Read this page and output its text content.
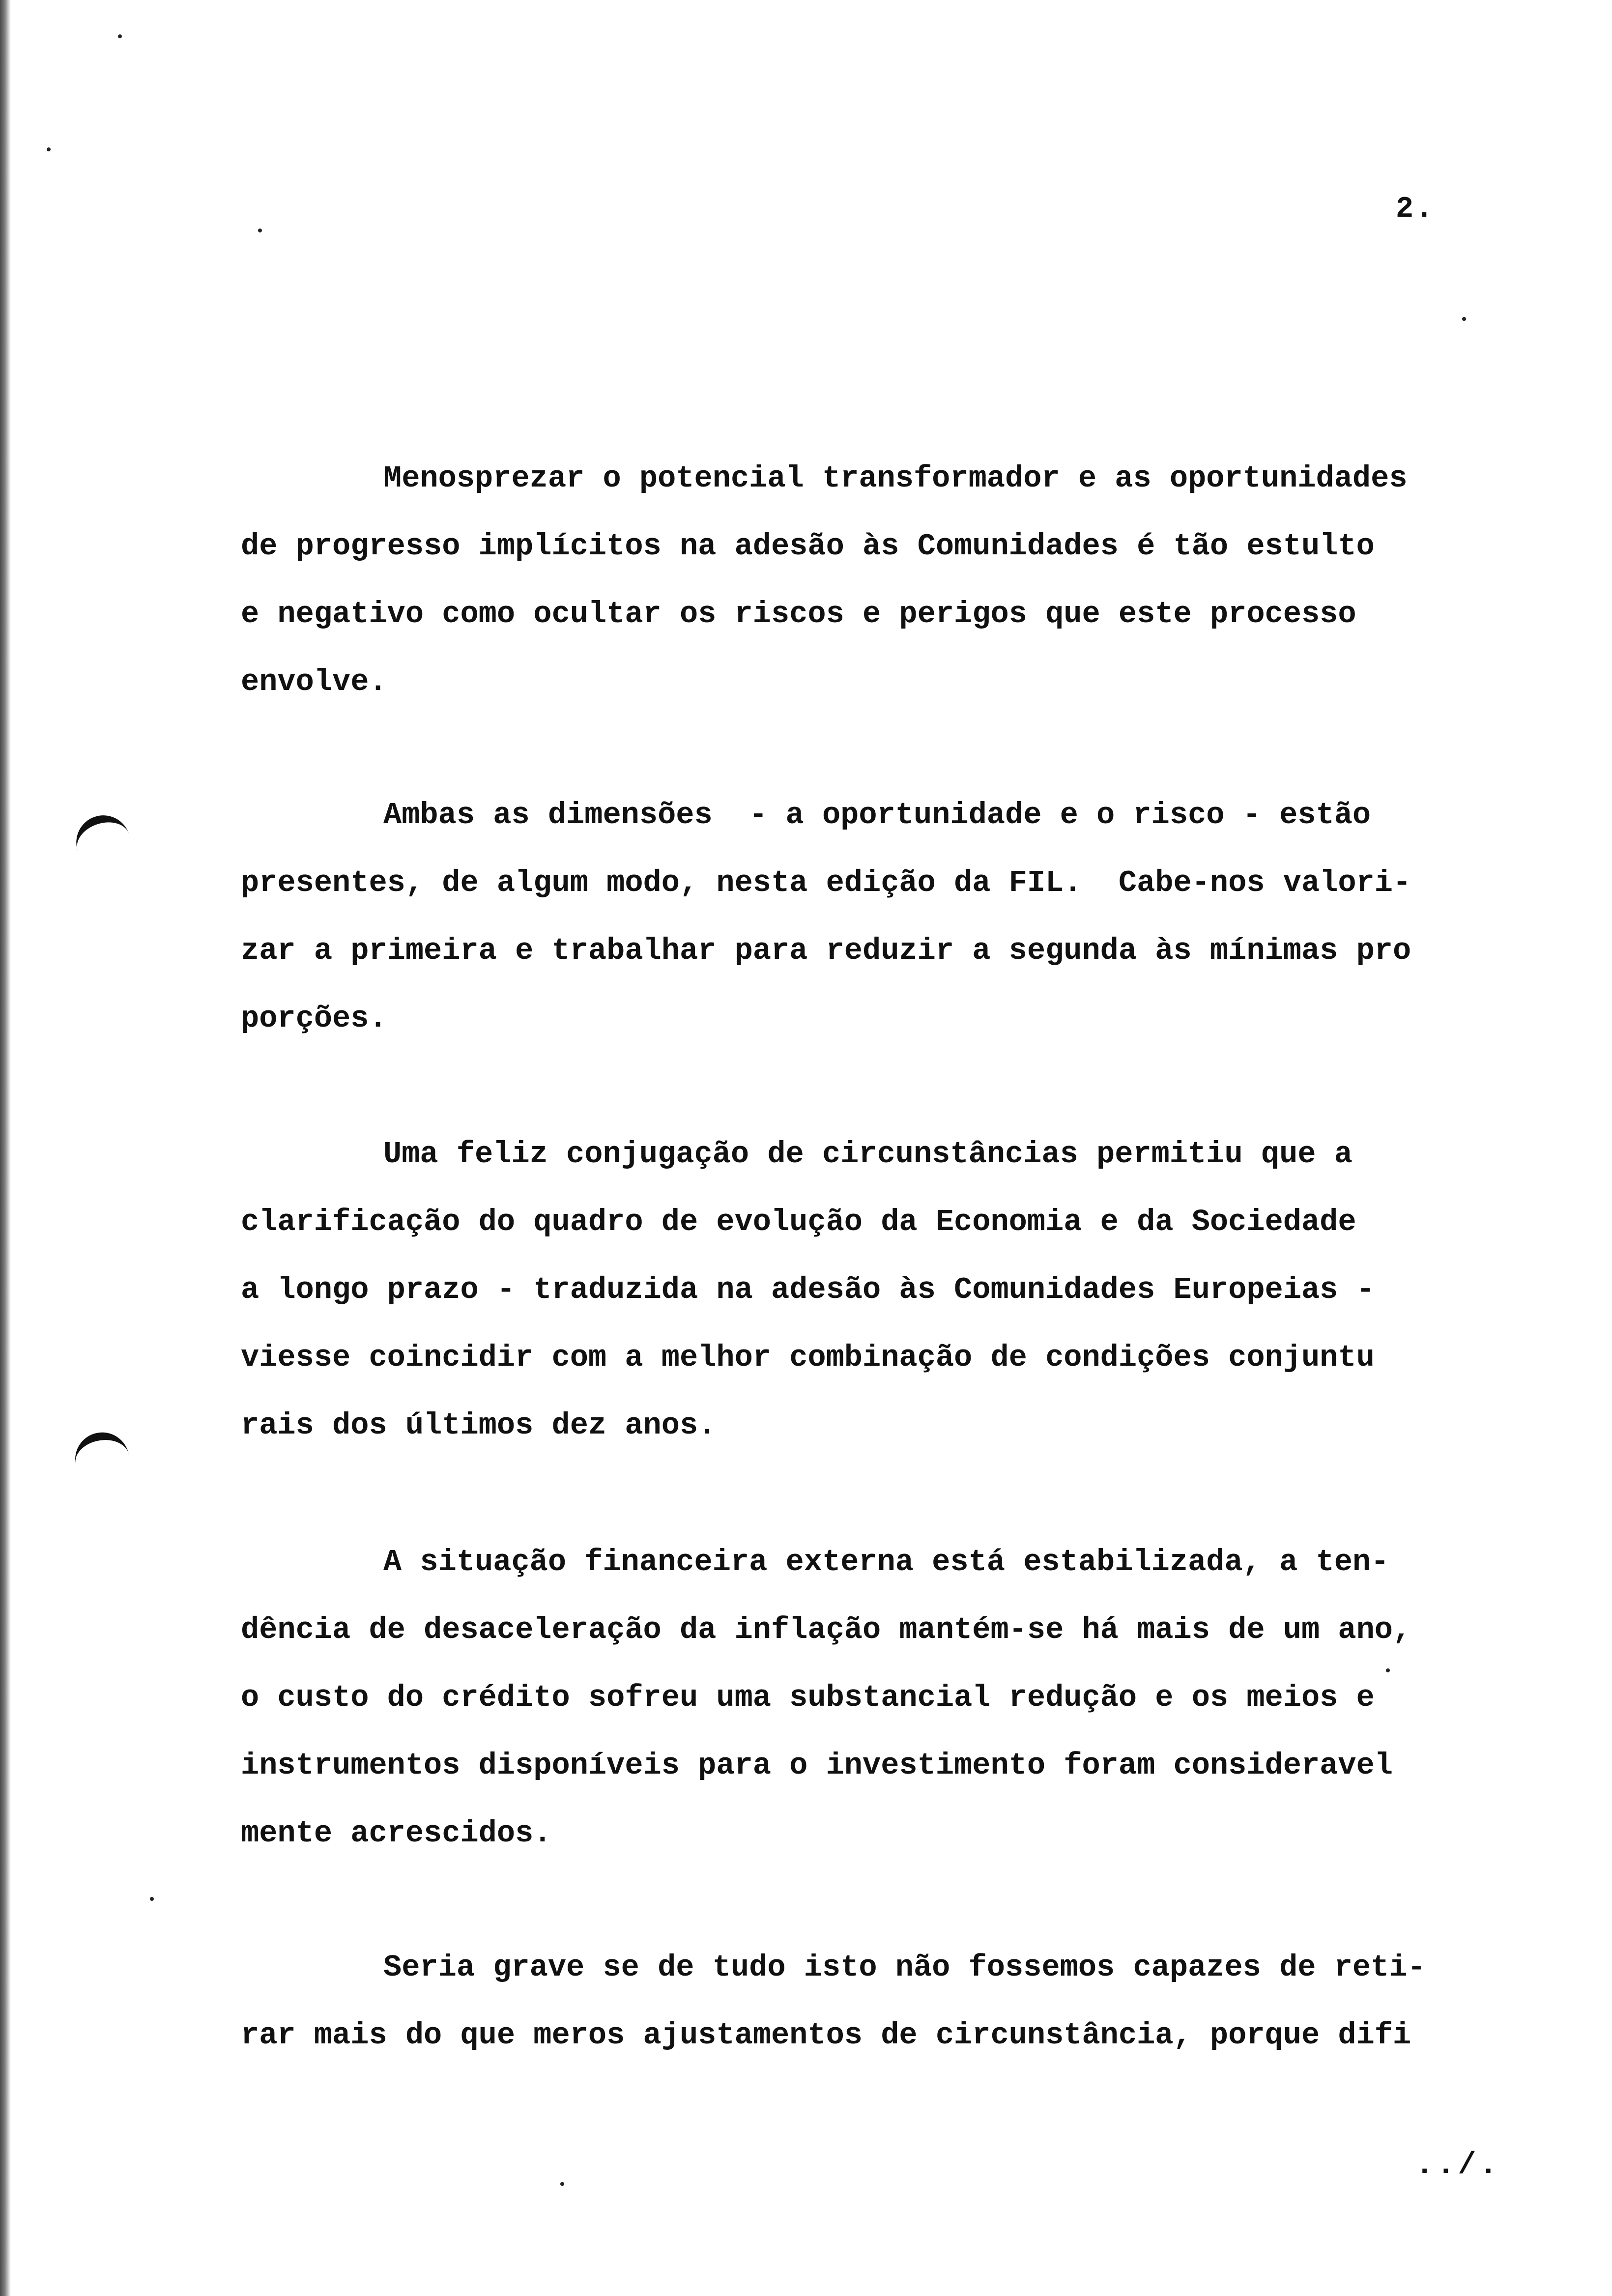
2.

Menosprezar o potencial transformador e as oportunidades
de progresso implícitos na adesão às Comunidades é tão estulto
e negativo como ocultar os riscos e perigos que este processo
envolve.

Ambas as dimensões  - a oportunidade e o risco - estão
presentes, de algum modo, nesta edição da FIL.  Cabe-nos valori-
zar a primeira e trabalhar para reduzir a segunda às mínimas pro
porções.

Uma feliz conjugação de circunstâncias permitiu que a
clarificação do quadro de evolução da Economia e da Sociedade
a longo prazo - traduzida na adesão às Comunidades Europeias -
viesse coincidir com a melhor combinação de condições conjuntu
rais dos últimos dez anos.

A situação financeira externa está estabilizada, a ten-
dência de desaceleração da inflação mantém-se há mais de um ano,
o custo do crédito sofreu uma substancial redução e os meios e
instrumentos disponíveis para o investimento foram consideravel
mente acrescidos.

Seria grave se de tudo isto não fossemos capazes de reti-
rar mais do que meros ajustamentos de circunstância, porque difi

../.
